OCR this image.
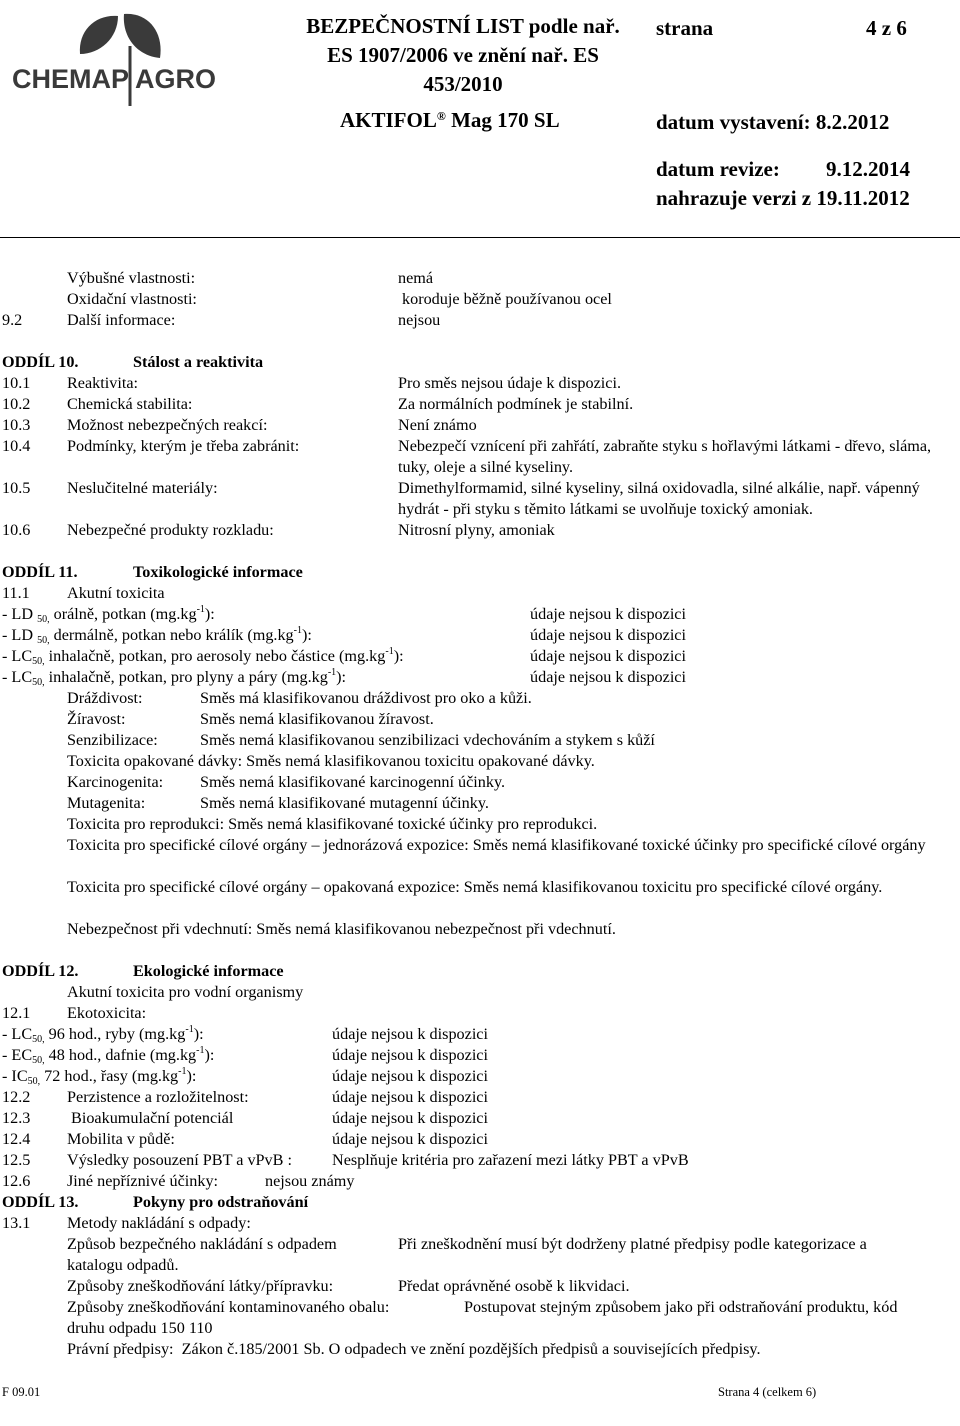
CHEMAP AGRO
BEZPEČNOSTNÍ LIST podle nař.
ES 1907/2006 ve znění nař. ES
453/2010
AKTIFOL® Mag 170 SL
strana	4 z 6
datum vystavení: 8.2.2012
datum revize: 9.12.2014
nahrazuje verzi z 19.11.2012
Výbušné vlastnosti:	nemá
Oxidační vlastnosti:	koroduje běžně používanou ocel
9.2	Další informace:	nejsou
ODDÍL 10.	Stálost a reaktivita
10.1 Reaktivita:	Pro směs nejsou údaje k dispozici.
10.2 Chemická stabilita:	Za normálních podmínek je stabilní.
10.3 Možnost nebezpečných reakcí:	Není známo
10.4 Podmínky, kterým je třeba zabránit:	Nebezpečí vznícení při zahřátí, zabraňte styku s hořlavými látkami - dřevo, sláma, tuky, oleje a silné kyseliny.
10.5 Neslučitelné materiály:	Dimethylformamid, silné kyseliny, silná oxidovadla, silné alkálie, např. vápenný hydrát - při styku s těmito látkami se uvolňuje toxický amoniak.
10.6 Nebezpečné produkty rozkladu:	Nitrosní plyny, amoniak
ODDÍL 11.	Toxikologické informace
11.1 Akutní toxicita
- LD $_{50,}$ orálně, potkan $(mg.kg^{-1})$:	údaje nejsou k dispozici
- LD $_{50,}$ dermálně, potkan nebo králík $(mg.kg^{-1})$:	údaje nejsou k dispozici
- $LC_{50,}$ inhalačně, potkan, pro aerosoly nebo částice $(mg.kg^{-1})$:	údaje nejsou k dispozici
- $LC_{50,}$ inhalačně, potkan, pro plyny a páry $(mg.kg^{-1})$:	údaje nejsou k dispozici
Dráždivost:	Směs má klasifikovanou dráždivost pro oko a kůži.
Žíravost:	Směs nemá klasifikovanou žíravost.
Senzibilizace:	Směs nemá klasifikovanou senzibilizaci vdechováním a stykem s kůží
Toxicita opakované dávky: Směs nemá klasifikovanou toxicitu opakované dávky.
Karcinogenita: Směs nemá klasifikované karcinogenní účinky.
Mutagenita:	Směs nemá klasifikované mutagenní účinky.
Toxicita pro reprodukci: Směs nemá klasifikované toxické účinky pro reprodukci.
Toxicita pro specifické cílové orgány – jednorázová expozice: Směs nemá klasifikované toxické účinky pro specifické cílové orgány
Toxicita pro specifické cílové orgány – opakovaná expozice: Směs nemá klasifikovanou toxicitu pro specifické cílové orgány.
Nebezpečnost při vdechnutí: Směs nemá klasifikovanou nebezpečnost při vdechnutí.
ODDÍL 12.	Ekologické informace
Akutní toxicita pro vodní organismy
12.1 Ekotoxicita:
- $LC_{50,}$ 96 hod., ryby $(mg.kg^{-1})$:	údaje nejsou k dispozici
- $EC_{50,}$ 48 hod., dafnie $(mg.kg^{-1})$:	údaje nejsou k dispozici
- $IC_{50,}$ 72 hod., řasy $(mg.kg^{-1})$:	údaje nejsou k dispozici
12.2 Perzistence a rozložitelnost:	údaje nejsou k dispozici
12.3 Bioakumulační potenciál	údaje nejsou k dispozici
12.4 Mobilita v půdě:	údaje nejsou k dispozici
12.5 Výsledky posouzení PBT a vPvB : Nesplňuje kritéria pro zařazení mezi látky PBT a vPvB
12.6 Jiné nepříznivé účinky:	nejsou známy
ODDÍL 13.	Pokyny pro odstraňování
13.1 Metody nakládání s odpady:
Způsob bezpečného nakládání s odpadem	Při zneškodnění musí být dodrženy platné předpisy podle kategorizace a
katalogu odpadů.
Způsoby zneškodňování látky/přípravku:	Předat oprávněné osobě k likvidaci.
Způsoby zneškodňování kontaminovaného obalu:	Postupovat stejným způsobem jako při odstraňování produktu, kód
druhu odpadu 150 110
Právní předpisy:  Zákon č.185/2001 Sb. O odpadech ve znění pozdějších předpisů a souvisejících předpisy.
F 09.01	Strana 4 (celkem 6)
